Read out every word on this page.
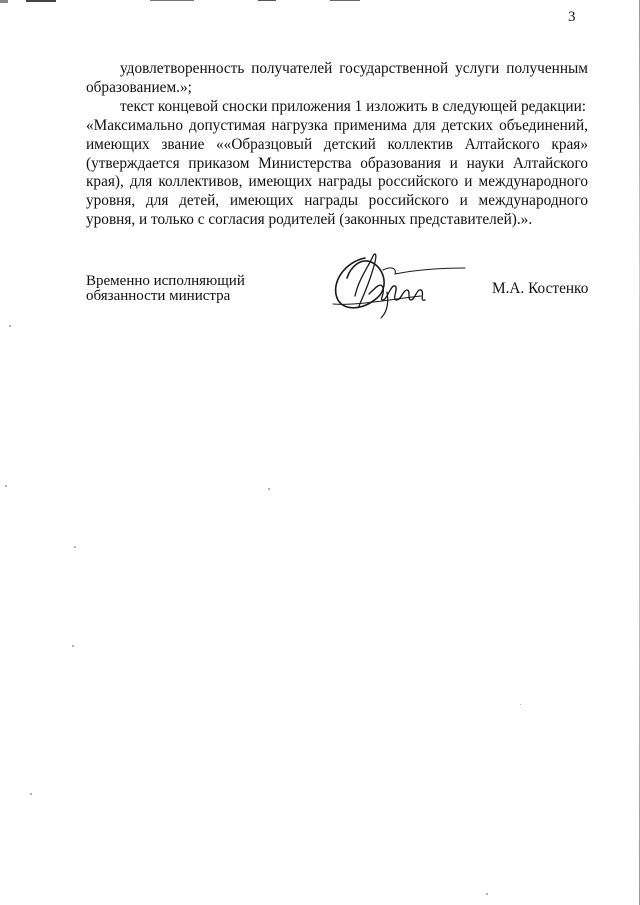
3

удовлетворенность получателей государственной услуги полученным образованием.»;

текст концевой сноски приложения 1 изложить в следующей редакции:

«Максимально допустимая нагрузка применима для детских объединений, имеющих звание ««Образцовый детский коллектив Алтайского края» (утверждается приказом Министерства образования и науки Алтайского края), для коллективов, имеющих награды российского и международного уровня, для детей, имеющих награды российского и международного уровня, и только с согласия родителей (законных представителей).».

Временно исполняющий
обязанности министра	М.А. Костенко
